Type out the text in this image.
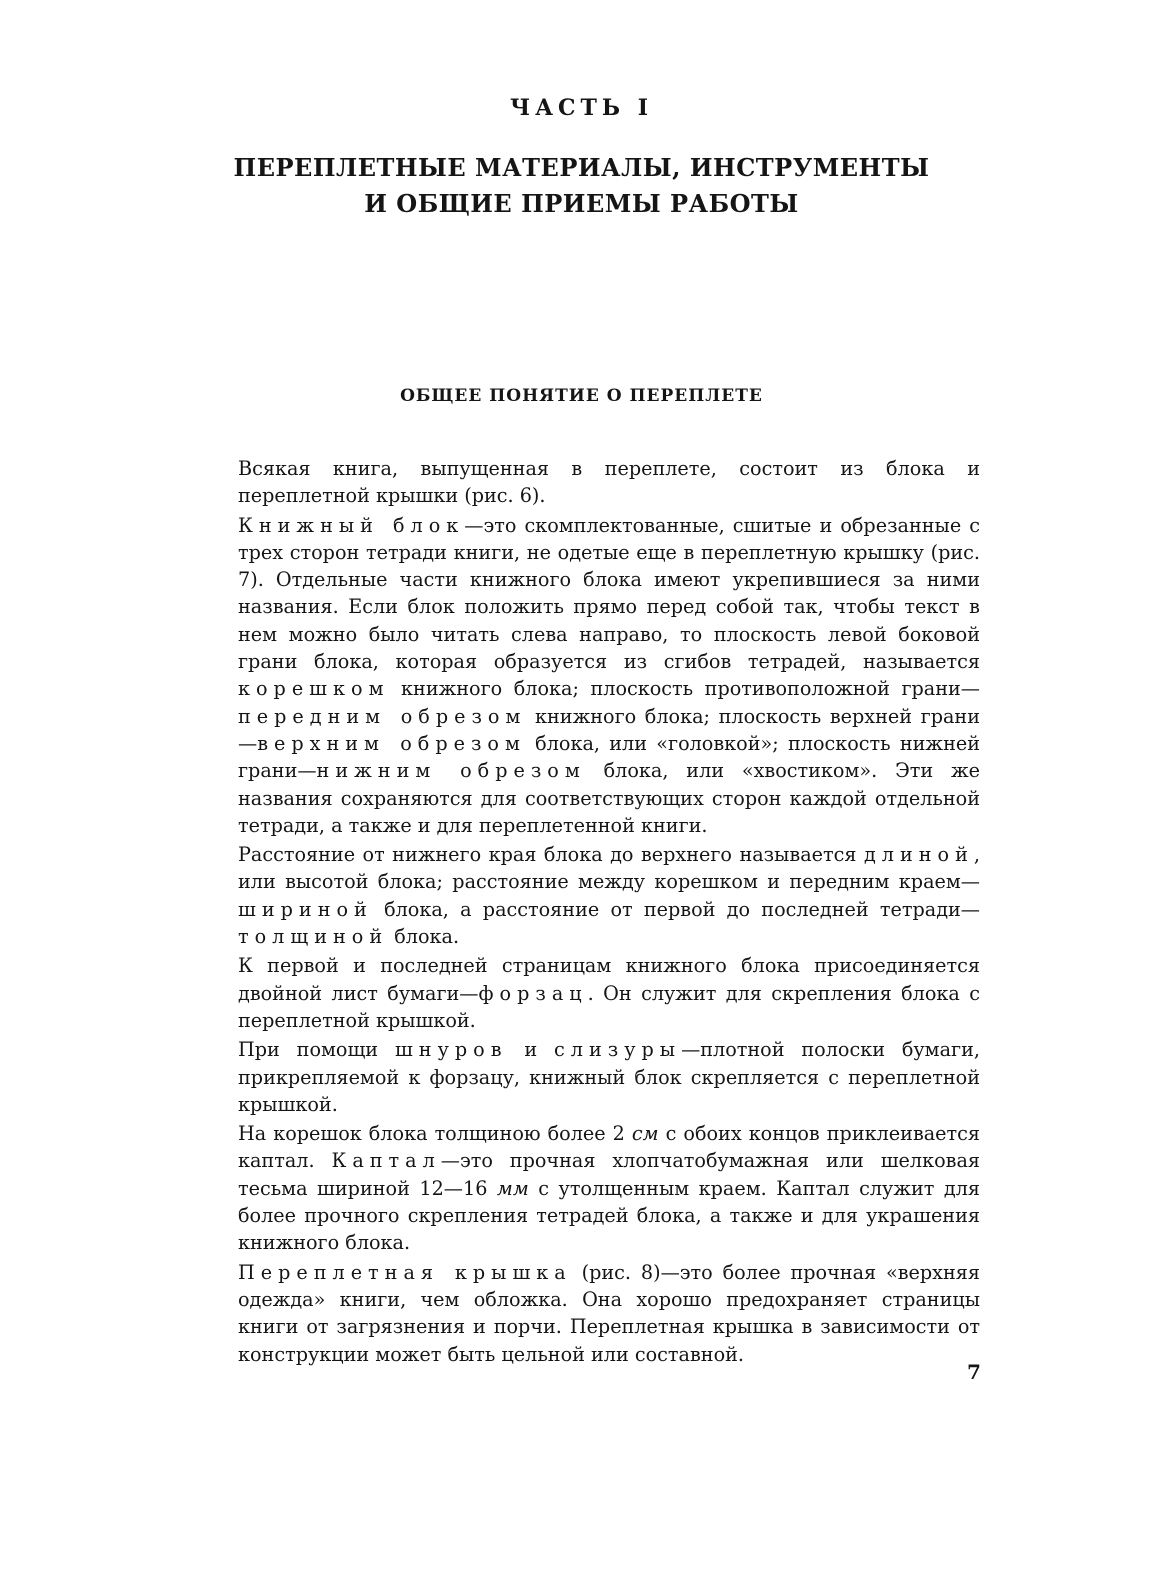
ЧАСТЬ I
ПЕРЕПЛЕТНЫЕ МАТЕРИАЛЫ, ИНСТРУМЕНТЫ
И ОБЩИЕ ПРИЕМЫ РАБОТЫ
ОБЩЕЕ ПОНЯТИЕ О ПЕРЕПЛЕТЕ

Всякая книга, выпущенная в переплете, состоит из блока и переплетной крышки (рис. 6).

Книжный блок—это скомплектованные, сшитые и обрезанные с трех сторон тетради книги, не одетые еще в переплетную крышку (рис. 7). Отдельные части книжного блока имеют укрепившиеся за ними названия. Если блок положить прямо перед собой так, чтобы текст в нем можно было читать слева направо, то плоскость левой боковой грани блока, которая образуется из сгибов тетрадей, называется корешком книжного блока; плоскость противоположной грани—передним обрезом книжного блока; плоскость верхней грани—верхним обрезом блока, или «головкой»; плоскость нижней грани—нижним обрезом блока, или «хвостиком». Эти же названия сохраняются для соответствующих сторон каждой отдельной тетради, а также и для переплетенной книги.

Расстояние от нижнего края блока до верхнего называется длиной, или высотой блока; расстояние между корешком и передним краем—шириной блока, а расстояние от первой до последней тетради—толщиной блока.

К первой и последней страницам книжного блока присоединяется двойной лист бумаги—форзац. Он служит для скрепления блока с переплетной крышкой.

При помощи шнуров и слизуры—плотной полоски бумаги, прикрепляемой к форзацу, книжный блок скрепляется с переплетной крышкой.

На корешок блока толщиною более 2 см с обоих концов приклеивается каптал. Каптал—это прочная хлопчатобумажная или шелковая тесьма шириной 12—16 мм с утолщенным краем. Каптал служит для более прочного скрепления тетрадей блока, а также и для украшения книжного блока.

Переплетная крышка (рис. 8)—это более прочная «верхняя одежда» книги, чем обложка. Она хорошо предохраняет страницы книги от загрязнения и порчи. Переплетная крышка в зависимости от конструкции может быть цельной или составной.

7
